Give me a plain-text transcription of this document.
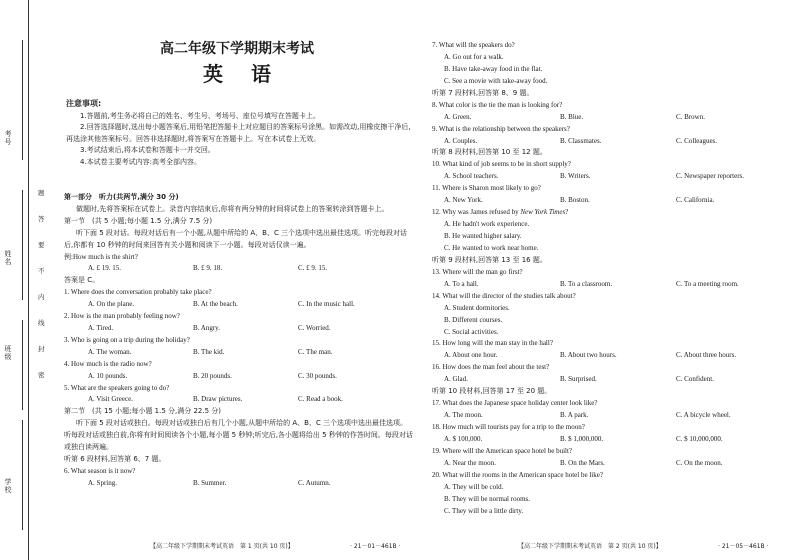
考号
姓名
班级
学校
题
答
要
不
内
线
封
密
高二年级下学期期末考试
英语
注意事项:

1.答题前,考生务必将自己的姓名、考生号、考场号、座位号填写在答题卡上。

2.回答选择题时,选出每小题答案后,用铅笔把答题卡上对应题目的答案标号涂黑。如需改动,用橡皮擦干净后,再选涂其他答案标号。回答非选择题时,将答案写在答题卡上。写在本试卷上无效。

3.考试结束后,将本试卷和答题卡一并交回。

4.本试卷主要考试内容:高考全部内容。

第一部分　听力(共两节,满分 30 分)

做题时,先将答案标在试卷上。录音内容结束后,你将有两分钟的时间将试卷上的答案转涂到答题卡上。

第一节　(共 5 小题;每小题 1.5 分,满分 7.5 分)

听下面 5 段对话。每段对话后有一个小题,从题中所给的 A、B、C 三个选项中选出最佳选项。听完每段对话后,你都有 10 秒钟的时间来回答有关小题和阅读下一小题。每段对话仅读一遍。

例:How much is the shirt?

A. £ 19. 15.	B. £ 9. 18.	C. £ 9. 15.

答案是 C。

1. Where does the conversation probably take place?

A. On the plane.	B. At the beach.	C. In the music hall.

2. How is the man probably feeling now?

A. Tired.	B. Angry.	C. Worried.

3. Who is going on a trip during the holiday?

A. The woman.	B. The kid.	C. The man.

4. How much is the radio now?

A. 10 pounds.	B. 20 pounds.	C. 30 pounds.

5. What are the speakers going to do?

A. Visit Greece.	B. Draw pictures.	C. Read a book.

第二节　(共 15 小题;每小题 1.5 分,满分 22.5 分)

听下面 5 段对话或独白。每段对话或独白后有几个小题,从题中所给的 A、B、C 三个选项中选出最佳选项。听每段对话或独白前,你将有时间阅读各个小题,每小题 5 秒钟;听完后,各小题将给出 5 秒钟的作答时间。每段对话或独白读两遍。

听第 6 段材料,回答第 6、7 题。

6. What season is it now?

A. Spring.	B. Summer.	C. Autumn.
【高二年级下学期期末考试英语　第 1 页(共 10 页)】	· 21－01－461B ·

7. What will the speakers do?

A. Go out for a walk.

B. Have take-away food in the flat.

C. See a movie with take-away food.

听第 7 段材料,回答第 8、9 题。

8. What color is the tie the man is looking for?

A. Green.	B. Blue.	C. Brown.

9. What is the relationship between the speakers?

A. Couples.	B. Classmates.	C. Colleagues.

听第 8 段材料,回答第 10 至 12 题。

10. What kind of job seems to be in short supply?

A. School teachers.	B. Writers.	C. Newspaper reporters.

11. Where is Sharon most likely to go?

A. New York.	B. Boston.	C. California.

12. Why was James refused by New York Times?

A. He hadn't work experience.

B. He wanted higher salary.

C. He wanted to work near home.

听第 9 段材料,回答第 13 至 16 题。

13. Where will the man go first?

A. To a hall.	B. To a classroom.	C. To a meeting room.

14. What will the director of the studies talk about?

A. Student dormitories.

B. Different courses.

C. Social activities.

15. How long will the man stay in the hall?

A. About one hour.	B. About two hours.	C. About three hours.

16. How does the man feel about the test?

A. Glad.	B. Surprised.	C. Confident.

听第 10 段材料,回答第 17 至 20 题。

17. What does the Japanese space holiday center look like?

A. The moon.	B. A park.	C. A bicycle wheel.

18. How much will tourists pay for a trip to the moon?

A. $ 100,000.	B. $ 1,000,000.	C. $ 10,000,000.

19. Where will the American space hotel be built?

A. Near the moon.	B. On the Mars.	C. On the moon.

20. What will the rooms in the American space hotel be like?

A. They will be cold.

B. They will be normal rooms.

C. They will be a little dirty.

【高二年级下学期期末考试英语　第 2 页(共 10 页)】	· 21－05－461B ·
